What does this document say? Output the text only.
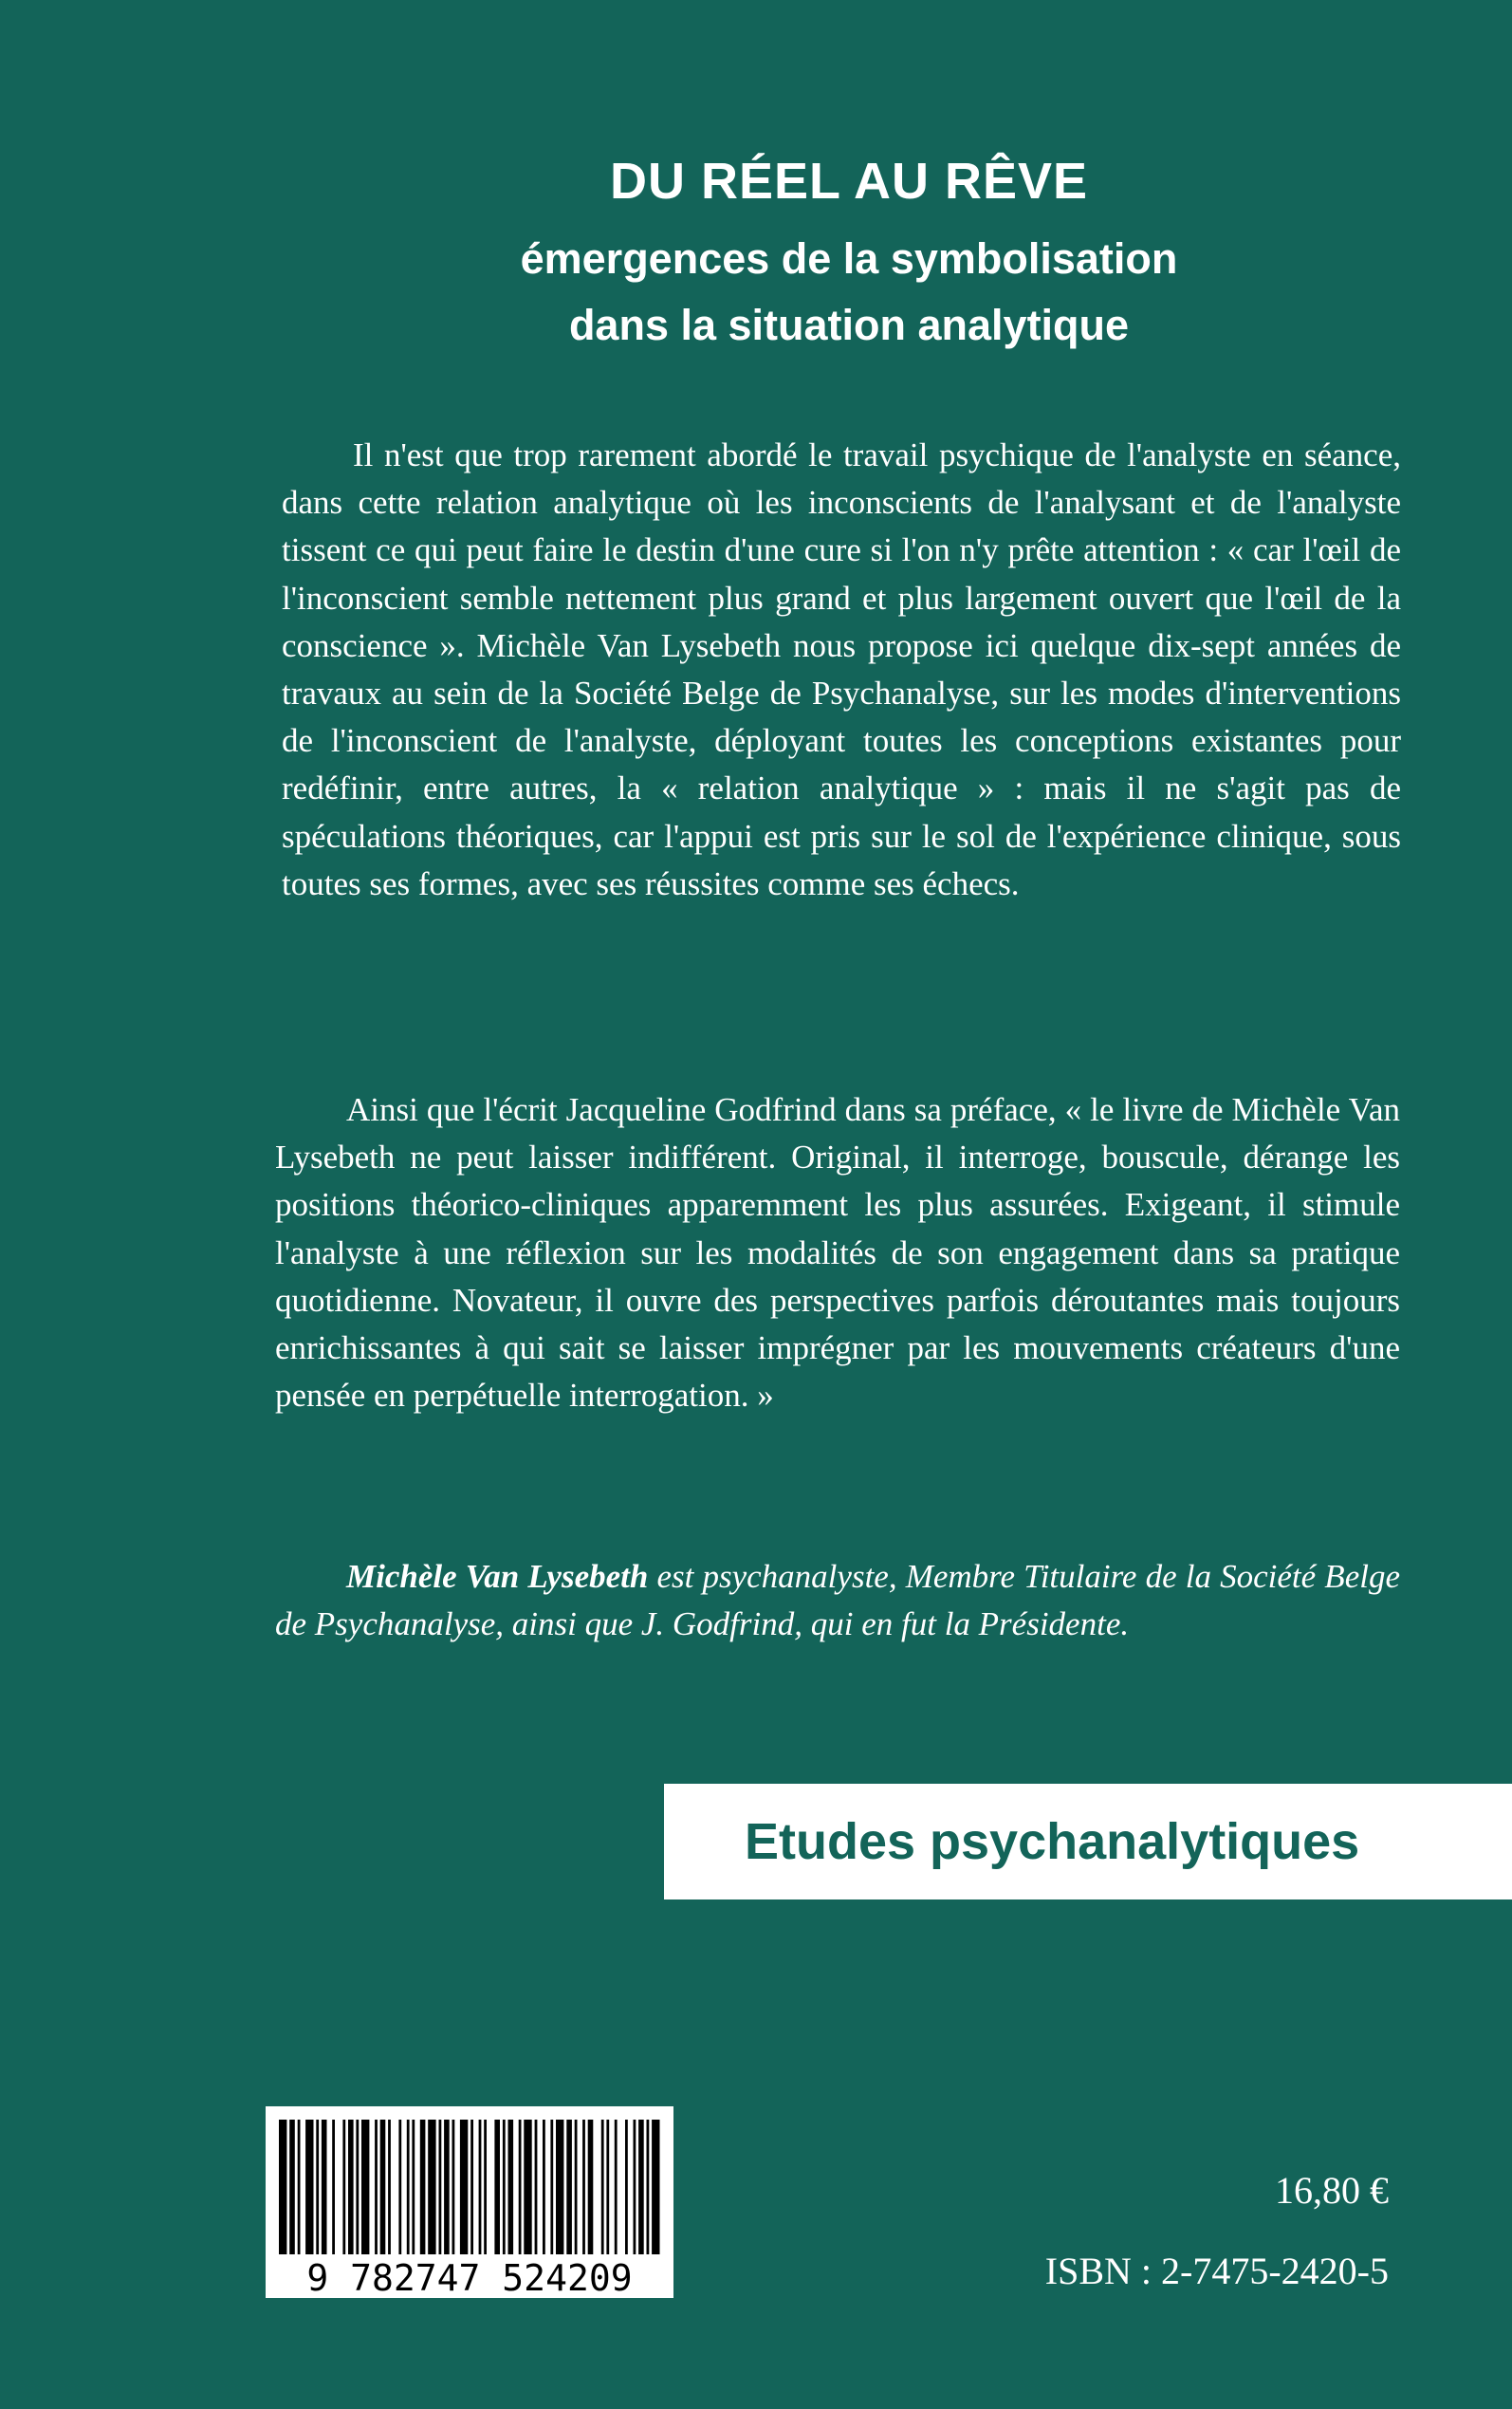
DU RÉEL AU RÊVE
émergences de la symbolisation
dans la situation analytique

Il n'est que trop rarement abordé le travail psychique de l'analyste en séance, dans cette relation analytique où les inconscients de l'analysant et de l'analyste tissent ce qui peut faire le destin d'une cure si l'on n'y prête attention : « car l'œil de l'inconscient semble nettement plus grand et plus largement ouvert que l'œil de la conscience ». Michèle Van Lysebeth nous propose ici quelque dix-sept années de travaux au sein de la Société Belge de Psychanalyse, sur les modes d'interventions de l'inconscient de l'analyste, déployant toutes les conceptions existantes pour redéfinir, entre autres, la « relation analytique » : mais il ne s'agit pas de spéculations théoriques, car l'appui est pris sur le sol de l'expérience clinique, sous toutes ses formes, avec ses réussites comme ses échecs.

Ainsi que l'écrit Jacqueline Godfrind dans sa préface, « le livre de Michèle Van Lysebeth ne peut laisser indifférent. Original, il interroge, bouscule, dérange les positions théorico-cliniques apparemment les plus assurées. Exigeant, il stimule l'analyste à une réflexion sur les modalités de son engagement dans sa pratique quotidienne. Novateur, il ouvre des perspectives parfois déroutantes mais toujours enrichissantes à qui sait se laisser imprégner par les mouvements créateurs d'une pensée en perpétuelle interrogation. »

Michèle Van Lysebeth est psychanalyste, Membre Titulaire de la Société Belge de Psychanalyse, ainsi que J. Godfrind, qui en fut la Présidente.

Etudes psychanalytiques
9 782747 524209
16,80 €
ISBN : 2-7475-2420-5
